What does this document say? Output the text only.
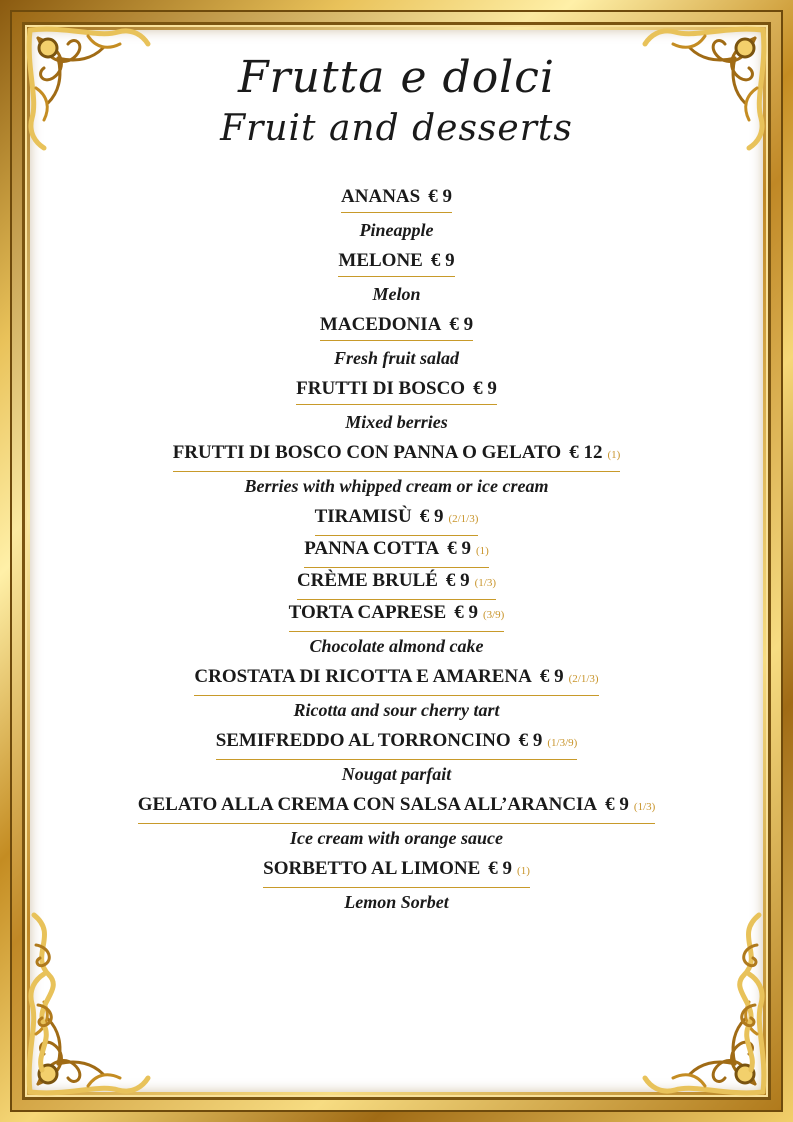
Frutta e dolci
Fruit and desserts
ANANAS € 9
Pineapple
MELONE € 9
Melon
MACEDONIA € 9
Fresh fruit salad
FRUTTI DI BOSCO € 9
Mixed berries
FRUTTI DI BOSCO CON PANNA O GELATO € 12 (1)
Berries with whipped cream or ice cream
TIRAMISÙ € 9 (2/1/3)
PANNA COTTA € 9 (1)
CRÈME BRULÉ € 9 (1/3)
TORTA CAPRESE € 9 (3/9)
Chocolate almond cake
CROSTATA DI RICOTTA E AMARENA € 9 (2/1/3)
Ricotta and sour cherry tart
SEMIFREDDO AL TORRONCINO € 9 (1/3/9)
Nougat parfait
GELATO ALLA CREMA CON SALSA ALL’ARANCIA € 9 (1/3)
Ice cream with orange sauce
SORBETTO AL LIMONE € 9 (1)
Lemon Sorbet
